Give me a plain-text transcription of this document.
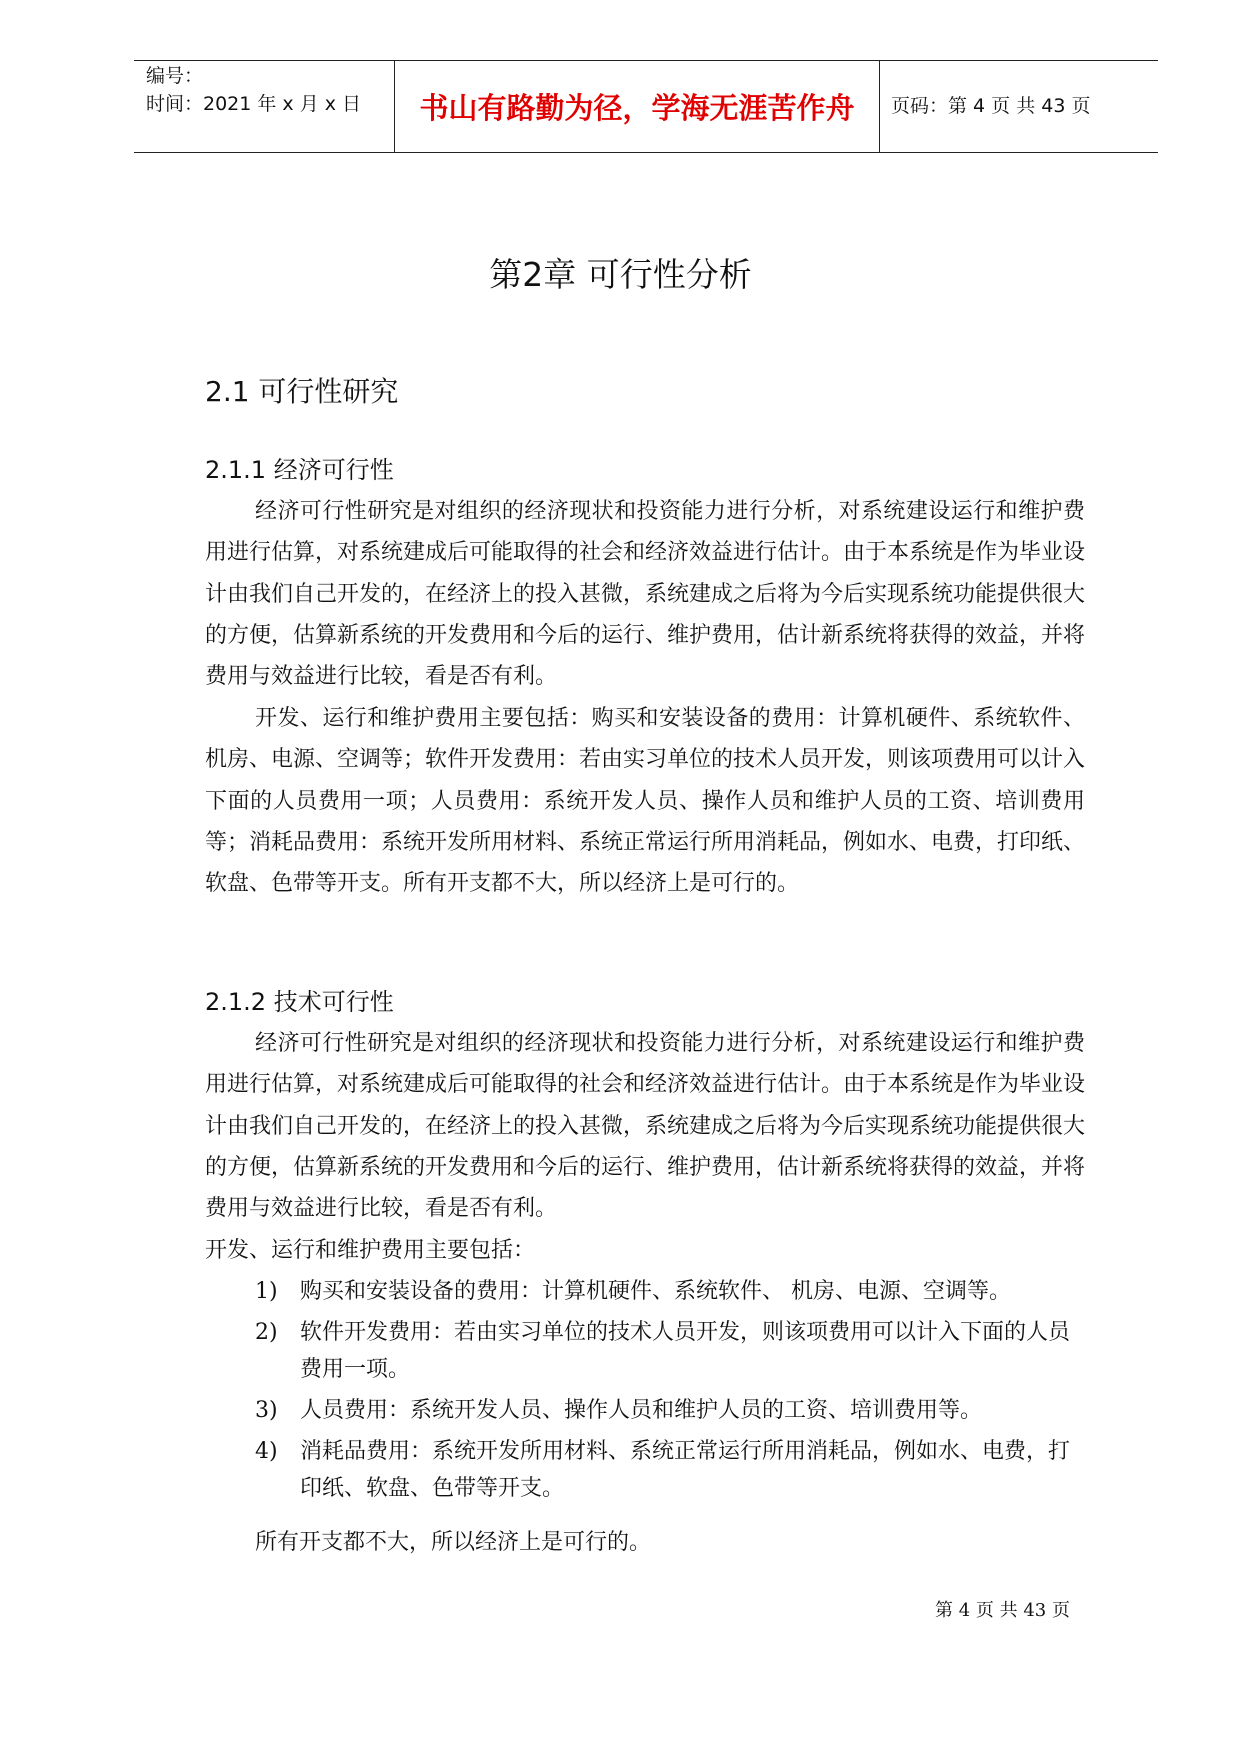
编号：
时间：2021 年 x 月 x 日	书山有路勤为径，学海无涯苦作舟	页码：第 4 页 共 43 页
第2章 可行性分析
2.1 可行性研究
2.1.1 经济可行性
经济可行性研究是对组织的经济现状和投资能力进行分析，对系统建设运行和维护费用进行估算，对系统建成后可能取得的社会和经济效益进行估计。由于本系统是作为毕业设计由我们自己开发的，在经济上的投入甚微，系统建成之后将为今后实现系统功能提供很大的方便，估算新系统的开发费用和今后的运行、维护费用，估计新系统将获得的效益，并将费用与效益进行比较，看是否有利。
开发、运行和维护费用主要包括：购买和安装设备的费用：计算机硬件、系统软件、 机房、电源、空调等；软件开发费用：若由实习单位的技术人员开发，则该项费用可以计入下面的人员费用一项；人员费用：系统开发人员、操作人员和维护人员的工资、培训费用等；消耗品费用：系统开发所用材料、系统正常运行所用消耗品，例如水、电费，打印纸、软盘、色带等开支。所有开支都不大，所以经济上是可行的。
2.1.2 技术可行性
经济可行性研究是对组织的经济现状和投资能力进行分析，对系统建设运行和维护费用进行估算，对系统建成后可能取得的社会和经济效益进行估计。由于本系统是作为毕业设计由我们自己开发的，在经济上的投入甚微，系统建成之后将为今后实现系统功能提供很大的方便，估算新系统的开发费用和今后的运行、维护费用，估计新系统将获得的效益，并将费用与效益进行比较，看是否有利。
开发、运行和维护费用主要包括：
1) 购买和安装设备的费用：计算机硬件、系统软件、 机房、电源、空调等。
2) 软件开发费用：若由实习单位的技术人员开发，则该项费用可以计入下面的人员费用一项。
3) 人员费用：系统开发人员、操作人员和维护人员的工资、培训费用等。
4) 消耗品费用：系统开发所用材料、系统正常运行所用消耗品，例如水、电费，打印纸、软盘、色带等开支。
所有开支都不大，所以经济上是可行的。
第 4 页 共 43 页
